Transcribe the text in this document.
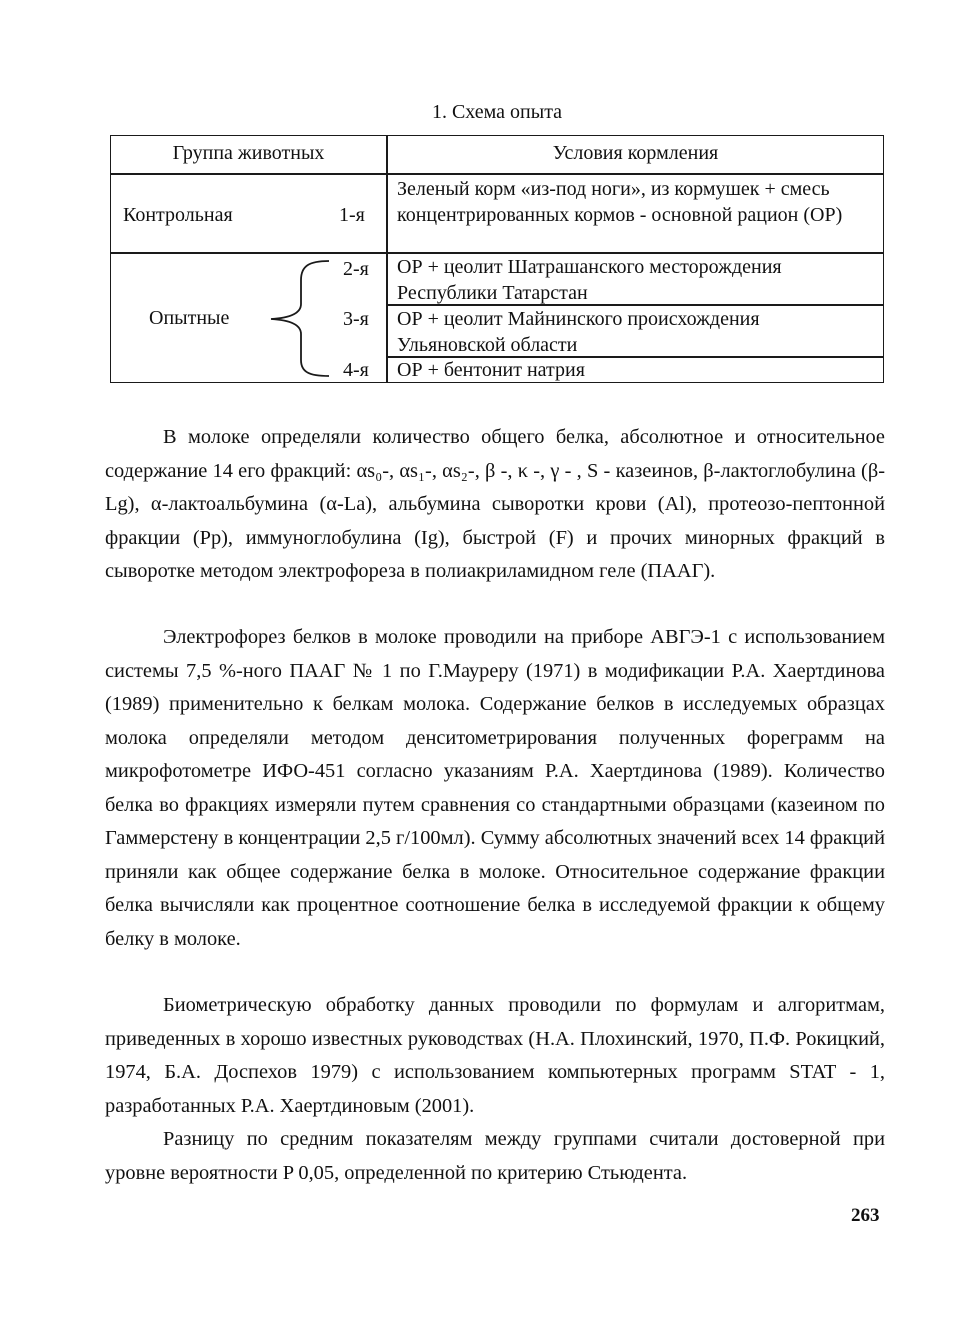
1. Схема опыта
Группа животных	Условия кормления
Контрольная	1-я
Зеленый корм «из-под ноги», из кормушек + смесь концентрированных кормов - основной рацион (ОР)
Опытные
2-я ОР + цеолит Шатрашанского месторождения Республики Татарстан
3-я ОР + цеолит Майнинского происхождения Ульяновской области
4-я ОР + бентонит натрия

В молоке определяли количество общего белка, абсолютное и относительное содержание 14 его фракций: αs₀-, αs₁-, αs₂-, β -, κ -, γ - , S - казеинов, β-лактоглобулина (β-Lg), α-лактоальбумина (α-La), альбумина сыворотки крови (Al), протеозо-пептонной фракции (Pp), иммуноглобулина (Ig), быстрой (F) и прочих минорных фракций в сыворотке методом электрофореза в полиакриламидном геле (ПААГ).

Электрофорез белков в молоке проводили на приборе АВГЭ-1 с использованием системы 7,5 %-ного ПААГ № 1 по Г.Мауреру (1971) в модификации Р.А. Хаертдинова (1989) применительно к белкам молока. Содержание белков в исследуемых образцах молока определяли методом денситометрирования полученных фореграмм на микрофотометре ИФО-451 согласно указаниям Р.А. Хаертдинова (1989). Количество белка во фракциях измеряли путем сравнения со стандартными образцами (казеином по Гаммерстену в концентрации 2,5 г/100мл). Сумму абсолютных значений всех 14 фракций приняли как общее содержание белка в молоке. Относительное содержание фракции белка вычисляли как процентное соотношение белка в исследуемой фракции к общему белку в молоке.

Биометрическую обработку данных проводили по формулам и алгоритмам, приведенных в хорошо известных руководствах (Н.А. Плохинский, 1970, П.Ф. Рокицкий, 1974, Б.А. Доспехов 1979) с использованием компьютерных программ STAT - 1, разработанных Р.А. Хаертдиновым (2001).

Разницу по средним показателям между группами считали достоверной при уровне вероятности P 0,05, определенной по критерию Стьюдента.

263
